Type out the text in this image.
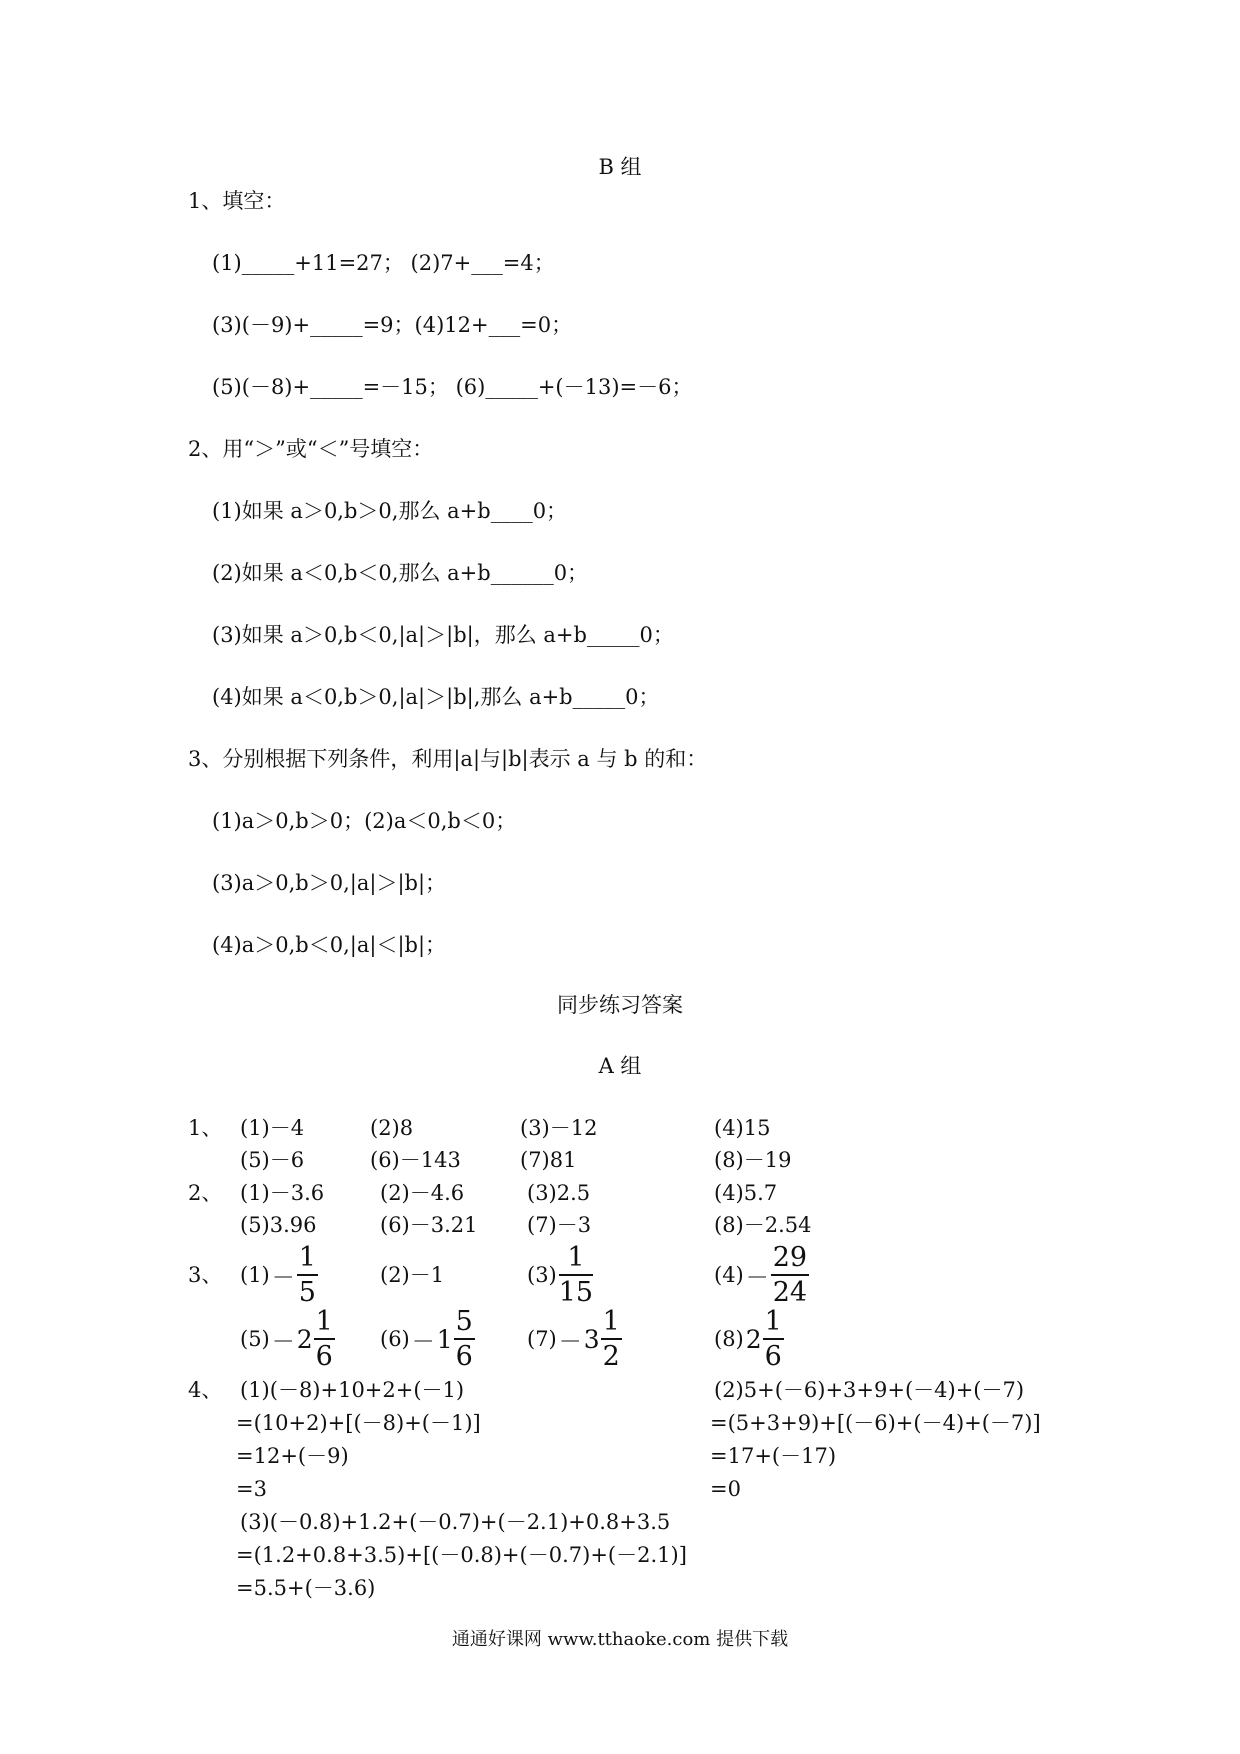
B 组
1、填空：
(1)_____+11=27； (2)7+___=4；
(3)(－9)+_____=9；(4)12+___=0；
(5)(－8)+_____=－15； (6)_____+(－13)=－6；
2、用“＞”或“＜”号填空：
(1)如果 a＞0,b＞0,那么 a+b____0；
(2)如果 a＜0,b＜0,那么 a+b______0；
(3)如果 a＞0,b＜0,|a|＞|b|，那么 a+b_____0；
(4)如果 a＜0,b＞0,|a|＞|b|,那么 a+b_____0；
3、分别根据下列条件，利用|a|与|b|表示 a 与 b 的和：
(1)a＞0,b＞0；(2)a＜0,b＜0；
(3)a＞0,b＞0,|a|＞|b|；
(4)a＞0,b＜0,|a|＜|b|；
同步练习答案
A 组
1、 (1)－4	(2)8	(3)－12	(4)15
(5)－6	(6)－143	(7)81	(8)－19
2、 (1)－3.6	(2)－4.6	(3)2.5	(4)5.7
(5)3.96	(6)－3.21 (7)－3	(8)－2.54
3、 $(1) - \frac{1}{5}$	(2)－1	$(3) \frac{1}{15}$	$(4) - \frac{29}{24}$
$(5) - 2 \frac{1}{6} (6) - 1 \frac{5}{6} (7) - 3 \frac{1}{2}$	(8) $2 \frac{1}{6}$
4、 (1)(－8)+10+2+(－1)
=(10+2)+[(－8)+(－1)]
=12+(－9)
=3
(2)5+(－6)+3+9+(－4)+(－7)
=(5+3+9)+[(－6)+(－4)+(－7)]
=17+(－17)
=0
(3)(－0.8)+1.2+(－0.7)+(－2.1)+0.8+3.5
=(1.2+0.8+3.5)+[(－0.8)+(－0.7)+(－2.1)]
=5.5+(－3.6)
通通好课网 www.tthaoke.com 提供下载
